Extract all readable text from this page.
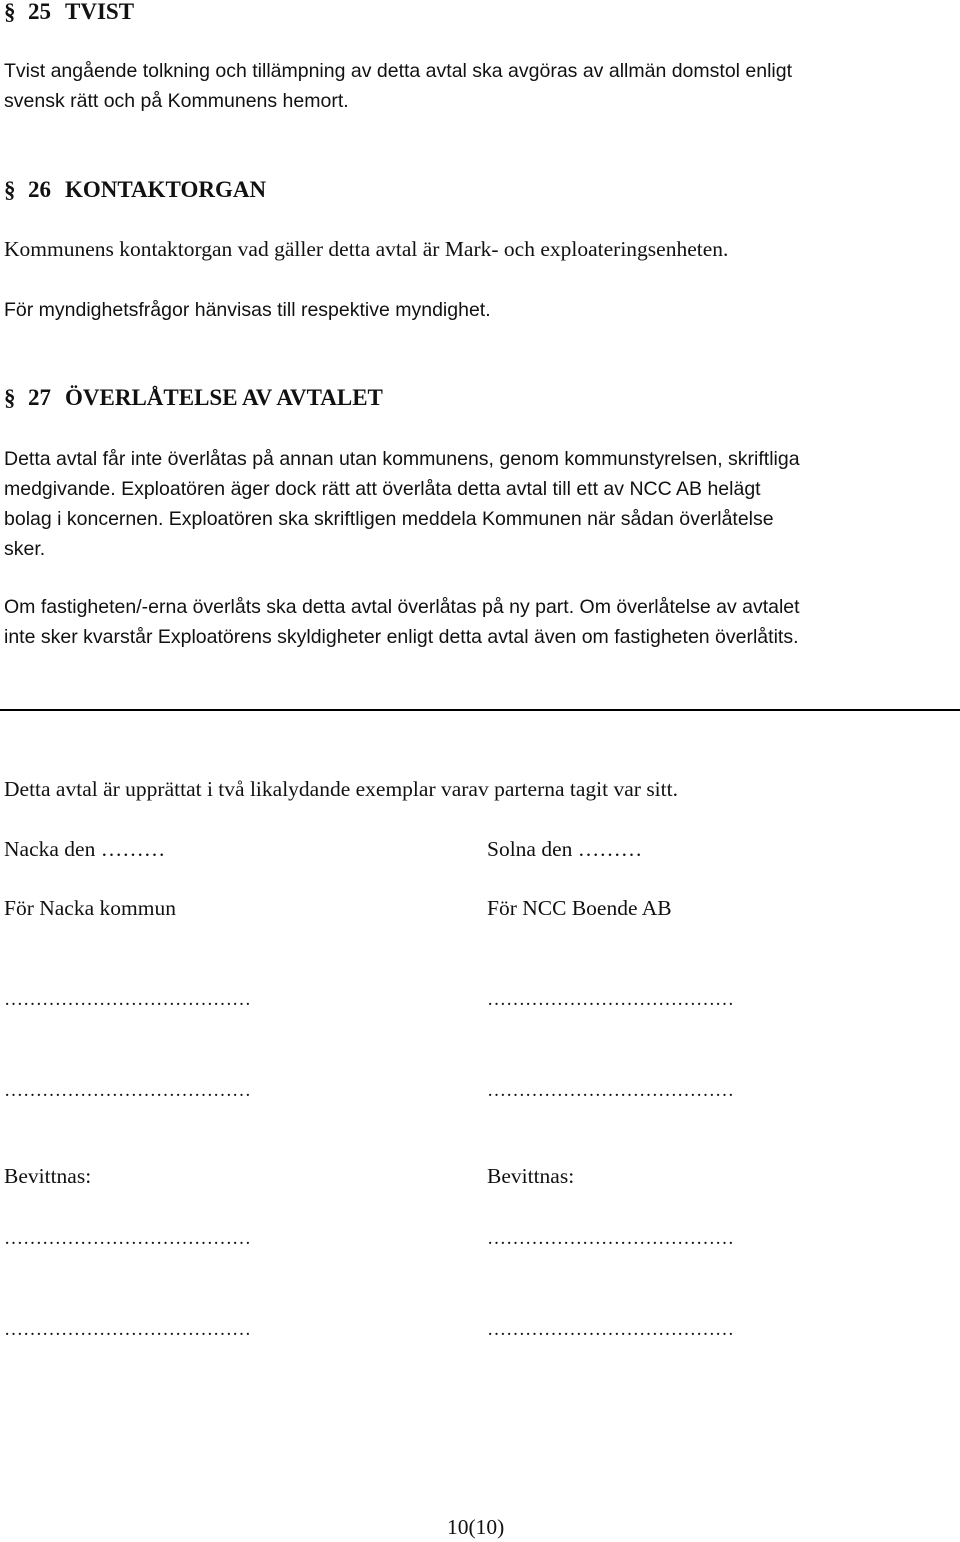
§ 25 TVIST
Tvist angående tolkning och tillämpning av detta avtal ska avgöras av allmän domstol enligt
svensk rätt och på Kommunens hemort.
§ 26 KONTAKTORGAN
Kommunens kontaktorgan vad gäller detta avtal är Mark- och exploateringsenheten.
För myndighetsfrågor hänvisas till respektive myndighet.
§ 27 ÖVERLÅTELSE AV AVTALET
Detta avtal får inte överlåtas på annan utan kommunens, genom kommunstyrelsen, skriftliga
medgivande. Exploatören äger dock rätt att överlåta detta avtal till ett av NCC AB helägt
bolag i koncernen. Exploatören ska skriftligen meddela Kommunen när sådan överlåtelse
sker.
Om fastigheten/-erna överlåts ska detta avtal överlåtas på ny part. Om överlåtelse av avtalet
inte sker kvarstår Exploatörens skyldigheter enligt detta avtal även om fastigheten överlåtits.
Detta avtal är upprättat i två likalydande exemplar varav parterna tagit var sitt.
Nacka den ………
För Nacka kommun
…………………………………
…………………………………
Bevittnas:
…………………………………
…………………………………
Solna den ………
För NCC Boende AB
…………………………………
…………………………………
Bevittnas:
…………………………………
…………………………………
10(10)
